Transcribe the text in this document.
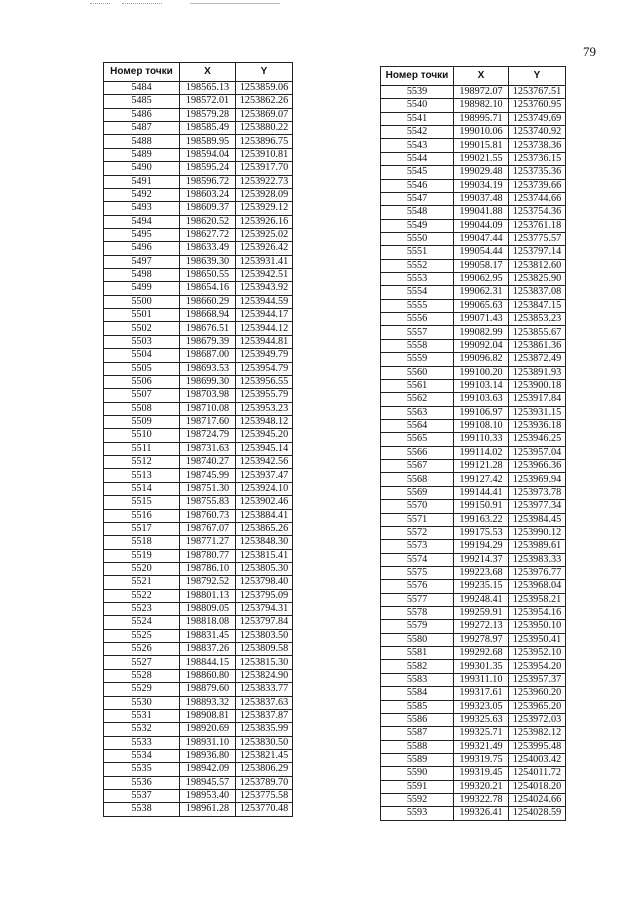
79
Номер точки	X	Y
5484	198565.13	1253859.06
5485	198572.01	1253862.26
5486	198579.28	1253869.07
5487	198585.49	1253880.22
5488	198589.95	1253896.75
5489	198594.04	1253910.81
5490	198595.24	1253917.70
5491	198596.72	1253922.73
5492	198603.24	1253928.09
5493	198609.37	1253929.12
5494	198620.52	1253926.16
5495	198627.72	1253925.02
5496	198633.49	1253926.42
5497	198639.30	1253931.41
5498	198650.55	1253942.51
5499	198654.16	1253943.92
5500	198660.29	1253944.59
5501	198668.94	1253944.17
5502	198676.51	1253944.12
5503	198679.39	1253944.81
5504	198687.00	1253949.79
5505	198693.53	1253954.79
5506	198699.30	1253956.55
5507	198703.98	1253955.79
5508	198710.08	1253953.23
5509	198717.60	1253948.12
5510	198724.79	1253945.20
5511	198731.63	1253945.14
5512	198740.27	1253942.56
5513	198745.99	1253937.47
5514	198751.30	1253924.10
5515	198755.83	1253902.46
5516	198760.73	1253884.41
5517	198767.07	1253865.26
5518	198771.27	1253848.30
5519	198780.77	1253815.41
5520	198786.10	1253805.30
5521	198792.52	1253798.40
5522	198801.13	1253795.09
5523	198809.05	1253794.31
5524	198818.08	1253797.84
5525	198831.45	1253803.50
5526	198837.26	1253809.58
5527	198844.15	1253815.30
5528	198860.80	1253824.90
5529	198879.60	1253833.77
5530	198893.32	1253837.63
5531	198908.81	1253837.87
5532	198920.69	1253835.99
5533	198931.10	1253830.50
5534	198936.80	1253821.45
5535	198942.09	1253806.29
5536	198945.57	1253789.70
5537	198953.40	1253775.58
5538	198961.28	1253770.48
Номер точки	X	Y
5539	198972.07	1253767.51
5540	198982.10	1253760.95
5541	198995.71	1253749.69
5542	199010.06	1253740.92
5543	199015.81	1253738.36
5544	199021.55	1253736.15
5545	199029.48	1253735.36
5546	199034.19	1253739.66
5547	199037.48	1253744.66
5548	199041.88	1253754.36
5549	199044.09	1253761.18
5550	199047.44	1253775.57
5551	199054.44	1253797.14
5552	199058.17	1253812.60
5553	199062.95	1253825.90
5554	199062.31	1253837.08
5555	199065.63	1253847.15
5556	199071.43	1253853.23
5557	199082.99	1253855.67
5558	199092.04	1253861.36
5559	199096.82	1253872.49
5560	199100.20	1253891.93
5561	199103.14	1253900.18
5562	199103.63	1253917.84
5563	199106.97	1253931.15
5564	199108.10	1253936.18
5565	199110.33	1253946.25
5566	199114.02	1253957.04
5567	199121.28	1253966.36
5568	199127.42	1253969.94
5569	199144.41	1253973.78
5570	199150.91	1253977.34
5571	199163.22	1253984.45
5572	199175.53	1253990.12
5573	199194.29	1253989.61
5574	199214.37	1253983.33
5575	199223.68	1253976.77
5576	199235.15	1253968.04
5577	199248.41	1253958.21
5578	199259.91	1253954.16
5579	199272.13	1253950.10
5580	199278.97	1253950.41
5581	199292.68	1253952.10
5582	199301.35	1253954.20
5583	199311.10	1253957.37
5584	199317.61	1253960.20
5585	199323.05	1253965.20
5586	199325.63	1253972.03
5587	199325.71	1253982.12
5588	199321.49	1253995.48
5589	199319.75	1254003.42
5590	199319.45	1254011.72
5591	199320.21	1254018.20
5592	199322.78	1254024.66
5593	199326.41	1254028.59
